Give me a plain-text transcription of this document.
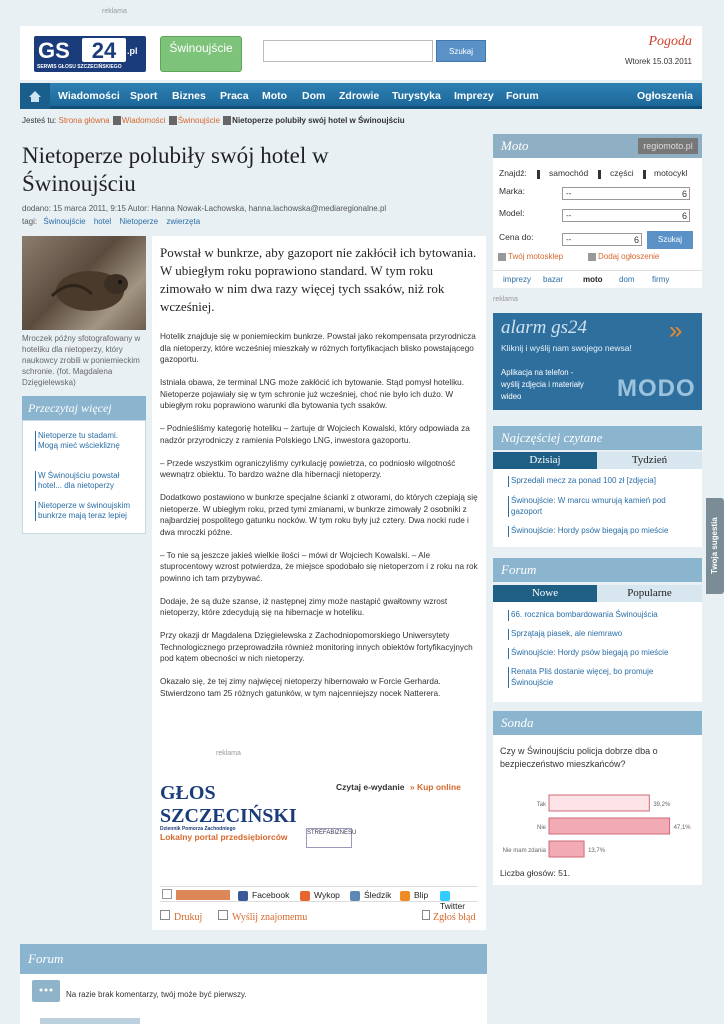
reklama
GS 24	.pl
SERWIS GŁOSU SZCZECIŃSKIEGO
Świnoujście	Szukaj
Pogoda
Wtorek 15.03.2011
Wiadomości Sport Biznes Praca Moto Dom Zdrowie Turystyka Imprezy Forum	Ogłoszenia
Jesteś tu: Strona główna Wiadomości Świnoujście Nietoperze polubiły swój hotel w Świnoujściu
Nietoperze polubiły swój hotel w Świnoujściu
dodano: 15 marca 2011, 9:15 Autor: Hanna Nowak-Lachowska, hanna.lachowska@mediaregionalne.pl
tagi: Świnoujście hotel Nietoperze zwierzęta
Mroczek późny sfotografowany w hoteliku dla nietoperzy, który naukowcy zrobili w poniemieckim schronie. (fot. Magdalena Dzięgielewska)
Powstał w bunkrze, aby gazoport nie zakłócił ich bytowania. W ubiegłym roku poprawiono standard. W tym roku zimowało w nim dwa razy więcej tych ssaków, niż rok wcześniej.

Hotelik znajduje się w poniemieckim bunkrze. Powstał jako rekompensata przyrodnicza dla nietoperzy, które wcześniej mieszkały w różnych fortyfikacjach blisko powstającego gazoportu.

Istniała obawa, że terminal LNG może zakłócić ich bytowanie. Stąd pomysł hoteliku. Nietoperze pojawiały się w tym schronie już wcześniej, choć nie było ich dużo. W ubiegłym roku poprawiono warunki dla bytowania tych ssaków.

– Podnieśliśmy kategorię hoteliku – żartuje dr Wojciech Kowalski, który odpowiada za nadzór przyrodniczy z ramienia Polskiego LNG, inwestora gazoportu.

– Przede wszystkim ograniczyliśmy cyrkulację powietrza, co podniosło wilgotność wewnątrz obiektu. To bardzo ważne dla hibernacji nietoperzy.

Dodatkowo postawiono w bunkrze specjalne ścianki z otworami, do których czepiają się nietoperze. W ubiegłym roku, przed tymi zmianami, w bunkrze zimowały 2 osobniki z najbardziej pospolitego gatunku nocków. W tym roku były już cztery. Dwa nocki rude i dwa mroczki późne.

– To nie są jeszcze jakieś wielkie ilości – mówi dr Wojciech Kowalski. – Ale stuprocentowy wzrost potwierdza, że miejsce spodobało się nietoperzom i z roku na rok powinno ich tam przybywać.

Dodaje, że są duże szanse, iż następnej zimy może nastąpić gwałtowny wzrost nietoperzy, które zdecydują się na hibernacje w hoteliku.

Przy okazji dr Magdalena Dzięgielewska z Zachodniopomorskiego Uniwersytety Technologicznego przeprowadziła również monitoring innych obiektów fortyfikacyjnych pod kątem obecności w nich nietoperzy.

Okazało się, że tej zimy najwięcej nietoperzy hibernowało w Forcie Gerharda. Stwierdzono tam 25 różnych gatunków, w tym najcenniejszy nocek Natterera.

reklama
Przeczytaj więcej
Nietoperze tu stadami. Mogą mieć wściekliznę
W Świnoujściu powstał hotel... dla nietoperzy
Nietoperze w świnoujskim bunkrze mają teraz lepiej
GŁOS SZCZECIŃSKI
Dziennik Pomorza Zachodniego
Czytaj e-wydanie » Kup online
Lokalny portal przedsiębiorców	STREFABIZNESU
Facebook	Wykop	Śledzik	Blip
Twitter
Drukuj	Wyślij znajomemu	Zgłoś błąd
Forum
Na razie brak komentarzy, twój może być pierwszy.
Moto	regiomoto.pl
Znajdź:	samochód	części motocykl
Marka:	--	6
Model:	--	6
Cena do:	--	6	Szukaj
Twój motosklep	Dodaj ogłoszenie
imprezy bazar moto dom firmy
reklama
alarm gs24	»
Kliknij i wyślij nam swojego newsa!
Aplikacja na telefon - wyślij zdjęcia i materiały wideo	MODO
Najczęściej czytane
Dzisiaj	Tydzień
Sprzedali mecz za ponad 100 zł [zdjęcia]
Świnoujście: W marcu wmurują kamień pod gazoport
Świnoujście: Hordy psów biegają po mieście
Forum
Nowe	Popularne
66. rocznica bombardowania Świnoujścia
Sprzątają piasek, ale niemrawo
Świnoujście: Hordy psów biegają po mieście
Renata Pliś dostanie więcej, bo promuje Świnoujście
Sonda
Czy w Świnoujściu policja dobrze dba o bezpieczeństwo mieszkańców?
Tak	39,2%
Nie	47,1%
Nie mam zdania	13,7%
Liczba głosów: 51.
Twoja sugestia
